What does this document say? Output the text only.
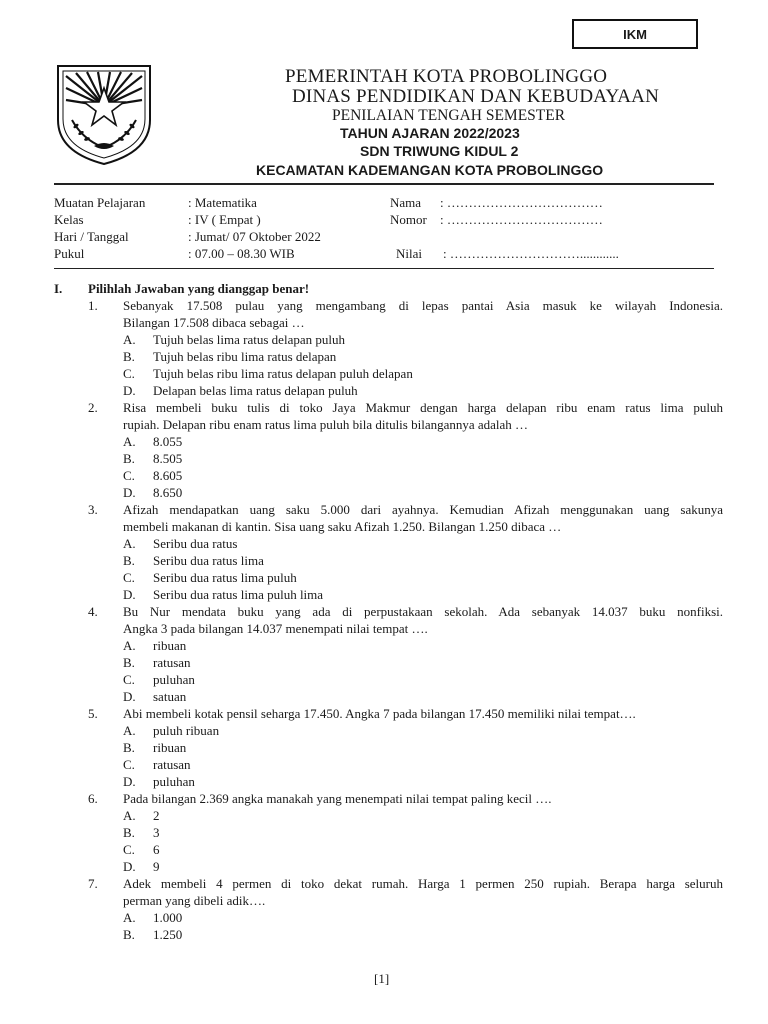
IKM
PEMERINTAH KOTA PROBOLINGGO
DINAS PENDIDIKAN DAN KEBUDAYAAN
PENILAIAN TENGAH SEMESTER
TAHUN AJARAN 2022/2023
SDN TRIWUNG KIDUL 2
KECAMATAN KADEMANGAN KOTA PROBOLINGGO
Muatan Pelajaran	: Matematika
Kelas	: IV ( Empat )
Hari / Tanggal	: Jumat/ 07 Oktober 2022
Pukul	: 07.00 – 08.30 WIB
Nama : ………………………………
Nomor : ………………………………
Nilai : …………………………............
I. Pilihlah Jawaban yang dianggap benar!
1. Sebanyak 17.508 pulau yang mengambang di lepas pantai Asia masuk ke wilayah Indonesia.
Bilangan 17.508 dibaca sebagai …
A. Tujuh belas lima ratus delapan puluh
B. Tujuh belas ribu lima ratus delapan
C. Tujuh belas ribu lima ratus delapan puluh delapan
D. Delapan belas lima ratus delapan puluh
2. Risa membeli buku tulis di toko Jaya Makmur dengan harga delapan ribu enam ratus lima puluh
rupiah. Delapan ribu enam ratus lima puluh bila ditulis bilangannya adalah …
A. 8.055
B. 8.505
C. 8.605
D. 8.650
3. Afizah mendapatkan uang saku 5.000 dari ayahnya. Kemudian Afizah menggunakan uang sakunya
membeli makanan di kantin. Sisa uang saku Afizah 1.250. Bilangan 1.250 dibaca …
A. Seribu dua ratus
B. Seribu dua ratus lima
C. Seribu dua ratus lima puluh
D. Seribu dua ratus lima puluh lima
4. Bu Nur mendata buku yang ada di perpustakaan sekolah. Ada sebanyak 14.037 buku nonfiksi.
Angka 3 pada bilangan 14.037 menempati nilai tempat ….
A. ribuan
B. ratusan
C. puluhan
D. satuan
5. Abi membeli kotak pensil seharga 17.450. Angka 7 pada bilangan 17.450 memiliki nilai tempat….
A. puluh ribuan
B. ribuan
C. ratusan
D. puluhan
6. Pada bilangan 2.369 angka manakah yang menempati nilai tempat paling kecil ….
A. 2
B. 3
C. 6
D. 9
7. Adek membeli 4 permen di toko dekat rumah. Harga 1 permen 250 rupiah. Berapa harga seluruh
perman yang dibeli adik….
A. 1.000
B. 1.250
[1]
